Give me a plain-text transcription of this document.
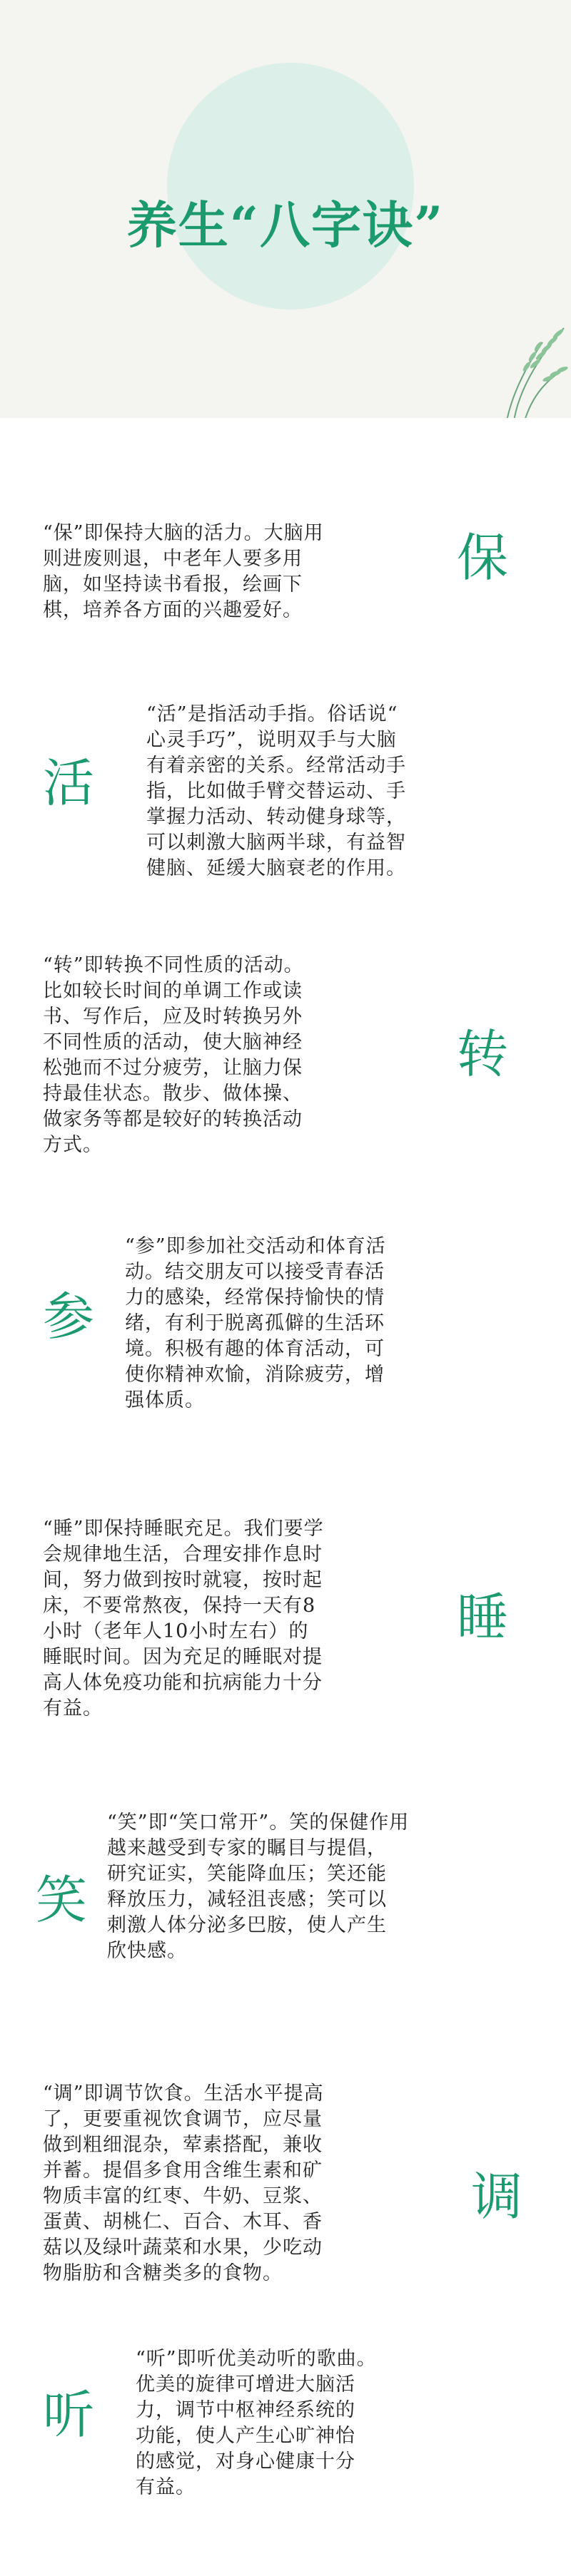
养生“八字诀”
“保”即保持大脑的活力。大脑用
则进废则退，中老年人要多用
脑，如坚持读书看报，绘画下
棋，培养各方面的兴趣爱好。
保
“活”是指活动手指。俗话说“
心灵手巧”，说明双手与大脑
有着亲密的关系。经常活动手
指，比如做手臂交替运动、手
掌握力活动、转动健身球等，
可以刺激大脑两半球，有益智
健脑、延缓大脑衰老的作用。
活
“转”即转换不同性质的活动。
比如较长时间的单调工作或读
书、写作后，应及时转换另外
不同性质的活动，使大脑神经
松弛而不过分疲劳，让脑力保
持最佳状态。散步、做体操、
做家务等都是较好的转换活动
方式。
转
“参”即参加社交活动和体育活
动。结交朋友可以接受青春活
力的感染，经常保持愉快的情
绪，有利于脱离孤僻的生活环
境。积极有趣的体育活动，可
使你精神欢愉，消除疲劳，增
强体质。
参
“睡”即保持睡眠充足。我们要学
会规律地生活，合理安排作息时
间，努力做到按时就寝，按时起
床，不要常熬夜，保持一天有8
小时（老年人10小时左右）的
睡眠时间。因为充足的睡眠对提
高人体免疫功能和抗病能力十分
有益。
睡
“笑”即“笑口常开”。笑的保健作用
越来越受到专家的瞩目与提倡，
研究证实，笑能降血压；笑还能
释放压力，减轻沮丧感；笑可以
刺激人体分泌多巴胺，使人产生
欣快感。
笑
“调”即调节饮食。生活水平提高
了，更要重视饮食调节，应尽量
做到粗细混杂，荤素搭配，兼收
并蓄。提倡多食用含维生素和矿
物质丰富的红枣、牛奶、豆浆、
蛋黄、胡桃仁、百合、木耳、香
菇以及绿叶蔬菜和水果，少吃动
物脂肪和含糖类多的食物。
调
“听”即听优美动听的歌曲。
优美的旋律可增进大脑活
力，调节中枢神经系统的
功能，使人产生心旷神怡
的感觉，对身心健康十分
有益。
听
